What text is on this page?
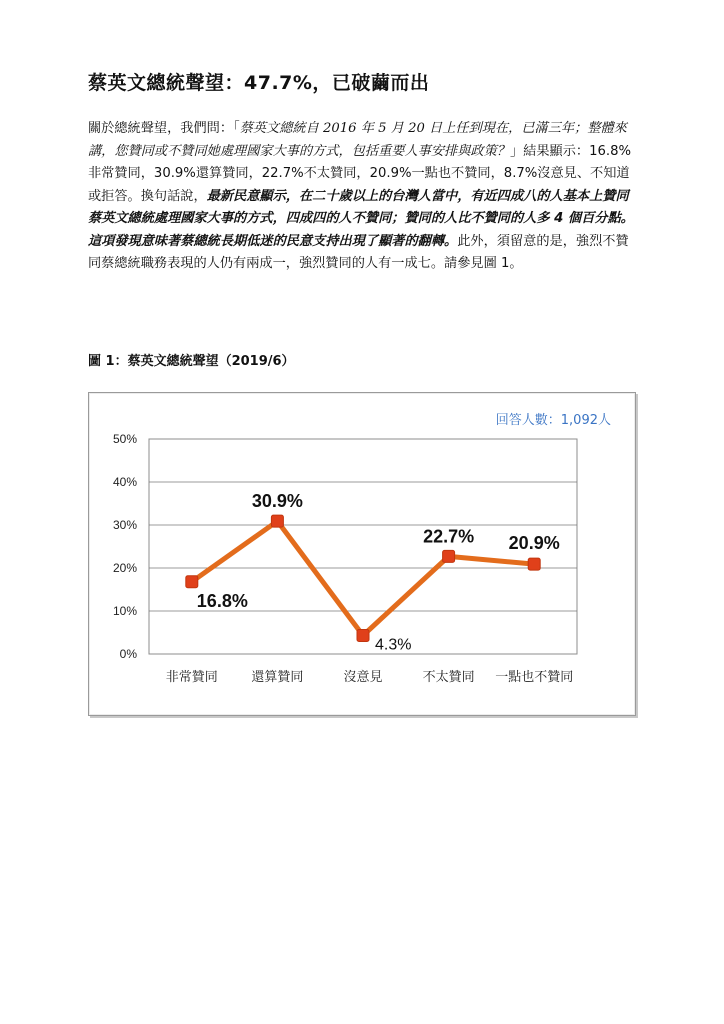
蔡英文總統聲望：47.7%，已破繭而出

關於總統聲望，我們問：「蔡英文總統自 2016 年 5 月 20 日上任到現在，已滿三年；整體來講，您贊同或不贊同她處理國家大事的方式，包括重要人事安排與政策？」結果顯示：16.8%非常贊同，30.9%還算贊同，22.7%不太贊同，20.9%一點也不贊同，8.7%沒意見、不知道或拒答。換句話說，最新民意顯示，在二十歲以上的台灣人當中，有近四成八的人基本上贊同蔡英文總統處理國家大事的方式，四成四的人不贊同；贊同的人比不贊同的人多 4 個百分點。這項發現意味著蔡總統長期低迷的民意支持出現了顯著的翻轉。此外，須留意的是，強烈不贊同蔡總統職務表現的人仍有兩成一，強烈贊同的人有一成七。請參見圖 1。

圖 1：蔡英文總統聲望（2019/6）

回答人數：1,092人
0%
10%
20%
30%
40%
50%
非常贊同	還算贊同	沒意見	不太贊同 一點也不贊同
16.8%
30.9%
4.3%
22.7% 20.9%
